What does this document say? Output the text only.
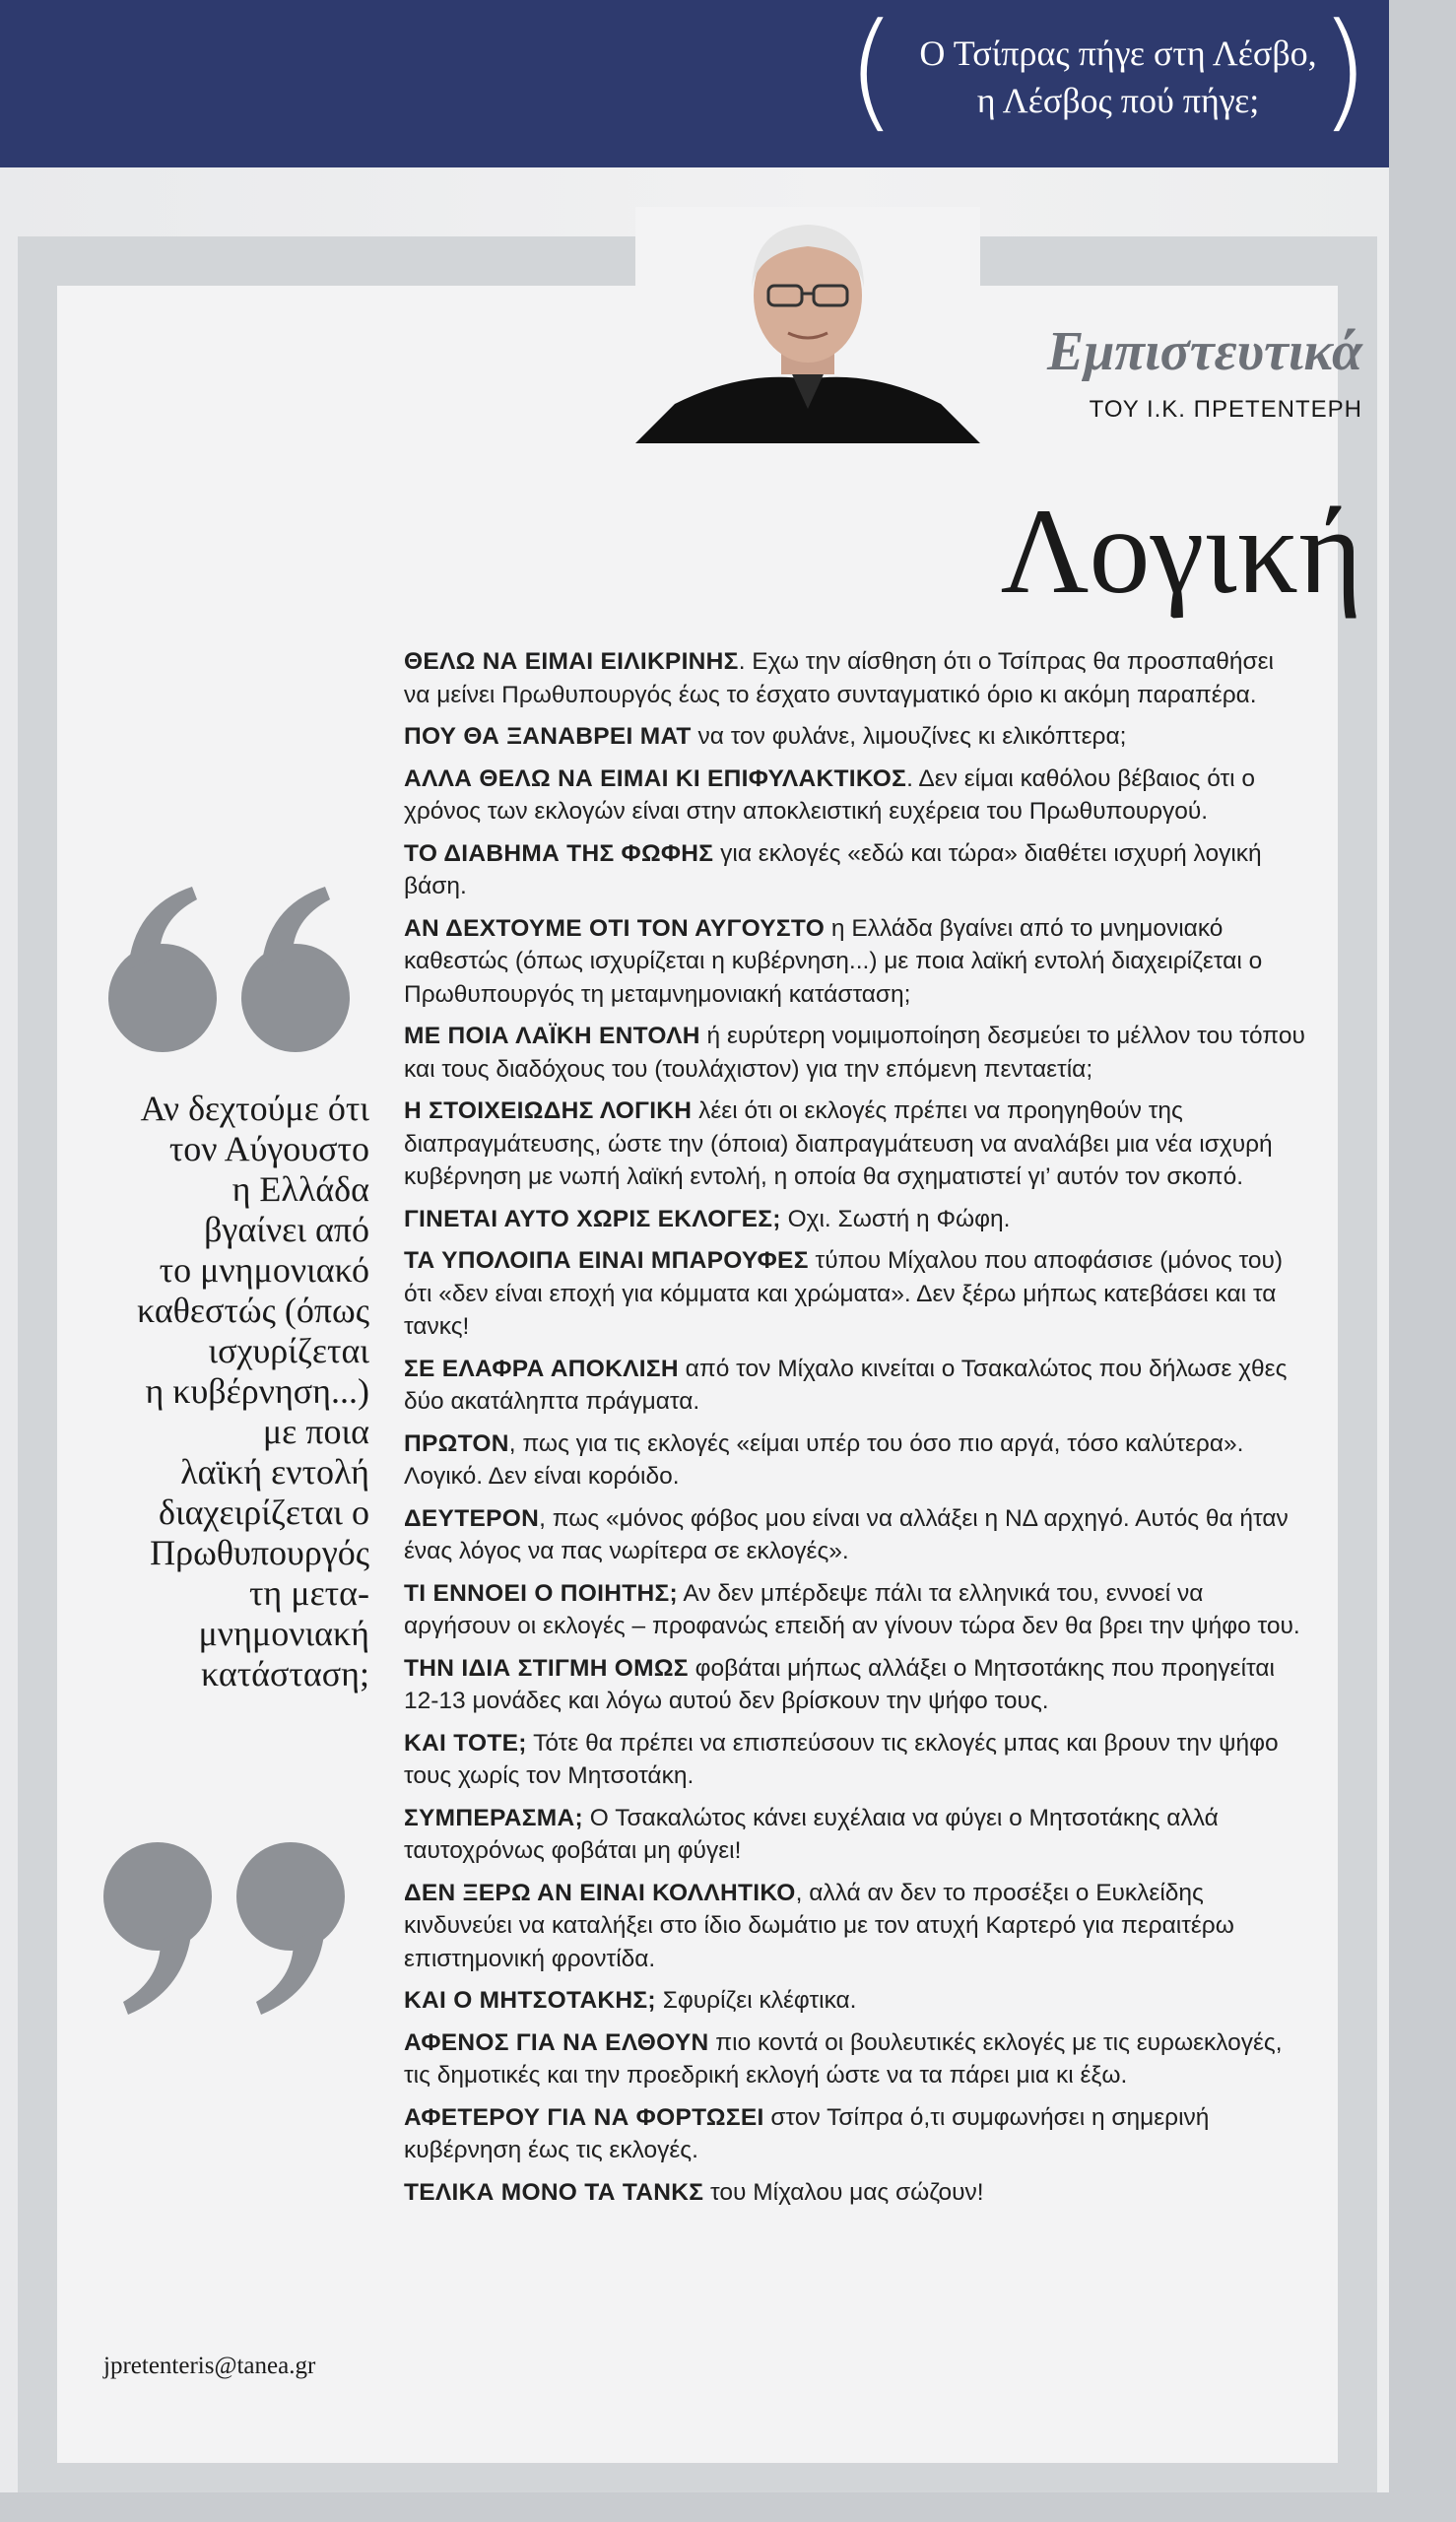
( Ο Τσίπρας πήγε στη Λέσβο,
η Λέσβος πού πήγε; )
Εμπιστευτικά
ΤΟΥ Ι.Κ. ΠΡΕΤΕΝΤΕΡΗ
Λογική
Αν δεχτούμε ότι
τον Αύγουστο
η Ελλάδα
βγαίνει από
το μνημονιακό
καθεστώς (όπως
ισχυρίζεται
η κυβέρνηση...)
με ποια
λαϊκή εντολή
διαχειρίζεται ο
Πρωθυπουργός
τη μετα-
μνημονιακή
κατάσταση;
jpretenteris@tanea.gr

ΘΕΛΩ ΝΑ ΕΙΜΑΙ ΕΙΛΙΚΡΙΝΗΣ. Εχω την αίσθηση ότι ο Τσίπρας θα προσπαθήσει να μείνει Πρωθυπουργός έως το έσχατο συνταγματικό όριο κι ακόμη παραπέρα.

ΠΟΥ ΘΑ ΞΑΝΑΒΡΕΙ ΜΑΤ να τον φυλάνε, λιμουζίνες κι ελικόπτερα;

ΑΛΛΑ ΘΕΛΩ ΝΑ ΕΙΜΑΙ ΚΙ ΕΠΙΦΥΛΑΚΤΙΚΟΣ. Δεν είμαι καθόλου βέβαιος ότι ο χρόνος των εκλογών είναι στην αποκλειστική ευχέρεια του Πρωθυπουργού.

ΤΟ ΔΙΑΒΗΜΑ ΤΗΣ ΦΩΦΗΣ για εκλογές «εδώ και τώρα» διαθέτει ισχυρή λογική βάση.

ΑΝ ΔΕΧΤΟΥΜΕ ΟΤΙ ΤΟΝ ΑΥΓΟΥΣΤΟ η Ελλάδα βγαίνει από το μνημονιακό καθεστώς (όπως ισχυρίζεται η κυβέρνηση...) με ποια λαϊκή εντολή διαχειρίζεται ο Πρωθυπουργός τη μεταμνημονιακή κατάσταση;

ΜΕ ΠΟΙΑ ΛΑΪΚΗ ΕΝΤΟΛΗ ή ευρύτερη νομιμοποίηση δεσμεύει το μέλλον του τόπου και τους διαδόχους του (τουλάχιστον) για την επόμενη πενταετία;

Η ΣΤΟΙΧΕΙΩΔΗΣ ΛΟΓΙΚΗ λέει ότι οι εκλογές πρέπει να προηγηθούν της διαπραγμάτευσης, ώστε την (όποια) διαπραγμάτευση να αναλάβει μια νέα ισχυρή κυβέρνηση με νωπή λαϊκή εντολή, η οποία θα σχηματιστεί γι’ αυτόν τον σκοπό.

ΓΙΝΕΤΑΙ ΑΥΤΟ ΧΩΡΙΣ ΕΚΛΟΓΕΣ; Οχι. Σωστή η Φώφη.

ΤΑ ΥΠΟΛΟΙΠΑ ΕΙΝΑΙ ΜΠΑΡΟΥΦΕΣ τύπου Μίχαλου που αποφάσισε (μόνος του) ότι «δεν είναι εποχή για κόμματα και χρώματα». Δεν ξέρω μήπως κατεβάσει και τα τανκς!

ΣΕ ΕΛΑΦΡΑ ΑΠΟΚΛΙΣΗ από τον Μίχαλο κινείται ο Τσακαλώτος που δήλωσε χθες δύο ακατάληπτα πράγματα.

ΠΡΩΤΟΝ, πως για τις εκλογές «είμαι υπέρ του όσο πιο αργά, τόσο καλύτερα». Λογικό. Δεν είναι κορόιδο.

ΔΕΥΤΕΡΟΝ, πως «μόνος φόβος μου είναι να αλλάξει η ΝΔ αρχηγό. Αυτός θα ήταν ένας λόγος να πας νωρίτερα σε εκλογές».

ΤΙ ΕΝΝΟΕΙ Ο ΠΟΙΗΤΗΣ; Αν δεν μπέρδεψε πάλι τα ελληνικά του, εννοεί να αργήσουν οι εκλογές – προφανώς επειδή αν γίνουν τώρα δεν θα βρει την ψήφο του.

ΤΗΝ ΙΔΙΑ ΣΤΙΓΜΗ ΟΜΩΣ φοβάται μήπως αλλάξει ο Μητσοτάκης που προηγείται 12-13 μονάδες και λόγω αυτού δεν βρίσκουν την ψήφο τους.

ΚΑΙ ΤΟΤΕ; Τότε θα πρέπει να επισπεύσουν τις εκλογές μπας και βρουν την ψήφο τους χωρίς τον Μητσοτάκη.

ΣΥΜΠΕΡΑΣΜΑ; Ο Τσακαλώτος κάνει ευχέλαια να φύγει ο Μητσοτάκης αλλά ταυτοχρόνως φοβάται μη φύγει!

ΔΕΝ ΞΕΡΩ ΑΝ ΕΙΝΑΙ ΚΟΛΛΗΤΙΚΟ, αλλά αν δεν το προσέξει ο Ευκλείδης κινδυνεύει να καταλήξει στο ίδιο δωμάτιο με τον ατυχή Καρτερό για περαιτέρω επιστημονική φροντίδα.

ΚΑΙ Ο ΜΗΤΣΟΤΑΚΗΣ; Σφυρίζει κλέφτικα.

ΑΦΕΝΟΣ ΓΙΑ ΝΑ ΕΛΘΟΥΝ πιο κοντά οι βουλευτικές εκλογές με τις ευρωεκλογές, τις δημοτικές και την προεδρική εκλογή ώστε να τα πάρει μια κι έξω.

ΑΦΕΤΕΡΟΥ ΓΙΑ ΝΑ ΦΟΡΤΩΣΕΙ στον Τσίπρα ό,τι συμφωνήσει η σημερινή κυβέρνηση έως τις εκλογές.

ΤΕΛΙΚΑ ΜΟΝΟ ΤΑ ΤΑΝΚΣ του Μίχαλου μας σώζουν!
